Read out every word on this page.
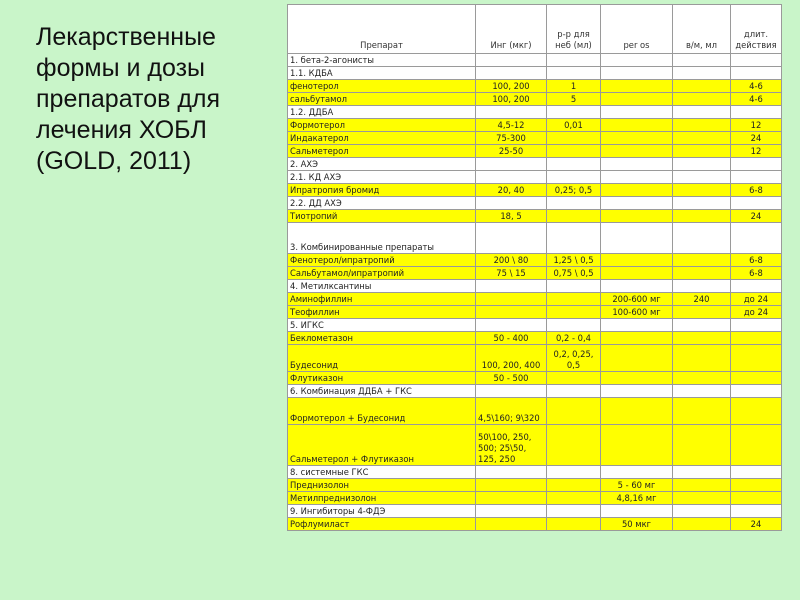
Лекарственные
формы и дозы
препаратов для
лечения ХОБЛ
(GOLD, 2011)
Препарат	Инг (мкг)	р-р для неб (мл)	per os	в/м, мл	длит. действия
1. бета-2-агонисты					
1.1. КДБА					
фенотерол	100, 200	1			4-6
сальбутамол	100, 200	5			4-6
1.2. ДДБА					
Формотерол	4,5-12	0,01			12
Индакатерол	75-300				24
Сальметерол	25-50				12
2. АХЭ					
2.1. КД АХЭ					
Ипратропия бромид	20, 40	0,25; 0,5			6-8
2.2. ДД АХЭ					
Тиотропий	18, 5				24
3. Комбинированные препараты					
Фенотерол/ипратропий	200 \ 80	1,25 \ 0,5			6-8
Сальбутамол/ипратропий	75 \ 15	0,75 \ 0,5			6-8
4. Метилксантины					
Аминофиллин			200-600 мг	240	до 24
Теофиллин			100-600 мг		до 24
5. ИГКС					
Беклометазон	50 - 400	0,2 - 0,4			
Будесонид	100, 200, 400	0,2, 0,25, 0,5			
Флутиказон	50 - 500				
6. Комбинация ДДБА + ГКС					
Формотерол + Будесонид	4,5\160; 9\320				
Сальметерол + Флутиказон	50\100, 250, 500; 25\50, 125, 250				
8. системные ГКС					
Преднизолон			5 - 60 мг		
Метилпреднизолон			4,8,16 мг		
9. Ингибиторы 4-ФДЭ					
Рофлумиласт			50 мкг		24
